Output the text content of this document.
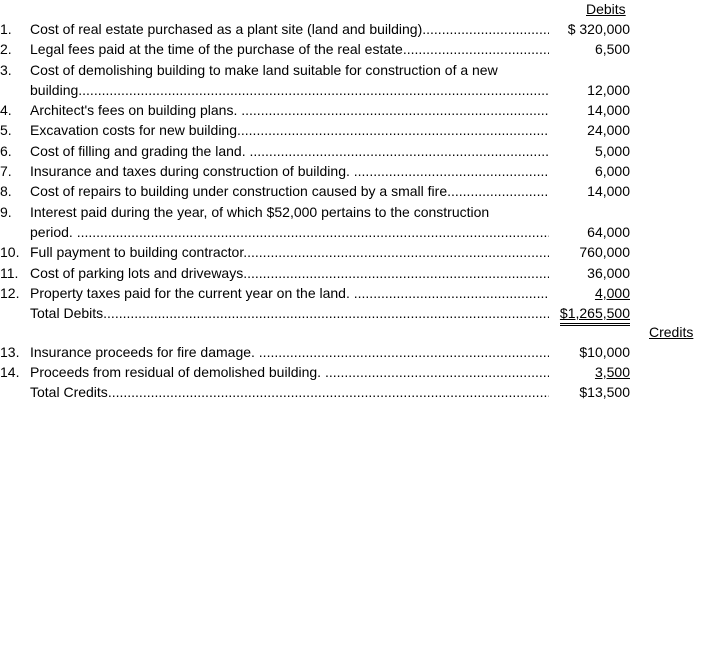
Debits
1.	Cost of real estate purchased as a plant site (land and building) .....	$ 320,000
2.	Legal fees paid at the time of the purchase of the real estate .....	6,500
3.	Cost of demolishing building to make land suitable for construction of a new
building .....	12,000
4.	Architect's fees on building plans. .....	14,000
5.	Excavation costs for new building .....	24,000
6.	Cost of filling and grading the land. .....	5,000
7.	Insurance and taxes during construction of building. .....	6,000
8.	Cost of repairs to building under construction caused by a small fire .....	14,000
9.	Interest paid during the year, of which $52,000 pertains to the construction
period. .....	64,000
10. Full payment to building contractor .....	760,000
11. Cost of parking lots and driveways .....	36,000
12. Property taxes paid for the current year on the land. .....	4,000
Total Debits .....	$1,265,500
Credits
13. Insurance proceeds for fire damage. .....	$10,000
14. Proceeds from residual of demolished building. .....	3,500
Total Credits .....	$13,500
